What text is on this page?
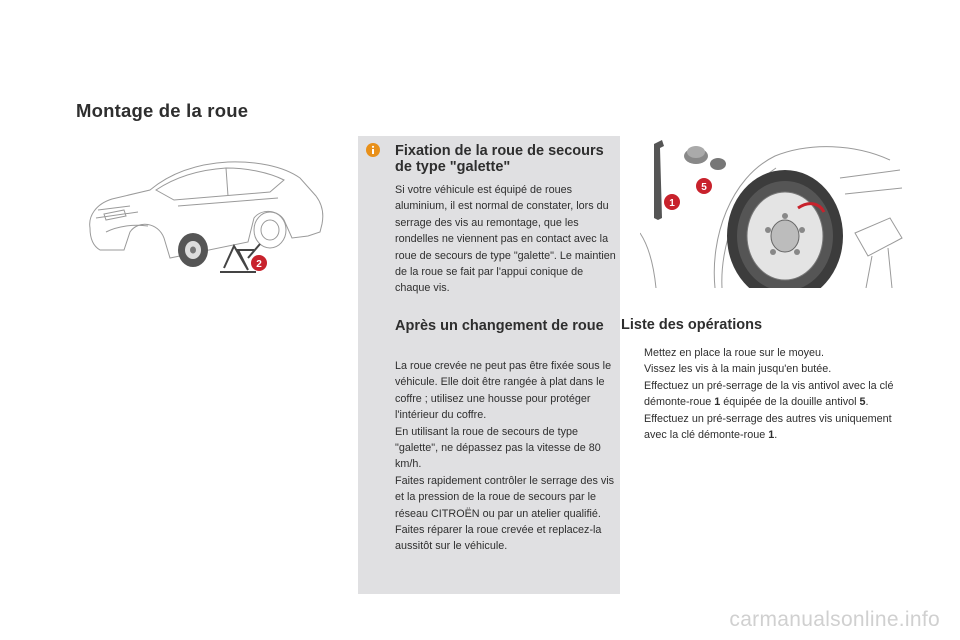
Montage de la roue
2
Fixation de la roue de secours de type "galette"
Si votre véhicule est équipé de roues aluminium, il est normal de constater, lors du serrage des vis au remontage, que les rondelles ne viennent pas en contact avec la roue de secours de type "galette". Le maintien de la roue se fait par l'appui conique de chaque vis.
Après un changement de roue

La roue crevée ne peut pas être fixée sous le véhicule. Elle doit être rangée à plat dans le coffre ; utilisez une housse pour protéger l'intérieur du coffre.

En utilisant la roue de secours de type "galette", ne dépassez pas la vitesse de 80 km/h.

Faites rapidement contrôler le serrage des vis et la pression de la roue de secours par le réseau CITROËN ou par un atelier qualifié.

Faites réparer la roue crevée et replacez-la aussitôt sur le véhicule.

5
1
Liste des opérations
Mettez en place la roue sur le moyeu.
Vissez les vis à la main jusqu'en butée.
Effectuez un pré-serrage de la vis antivol avec la clé démonte-roue 1 équipée de la douille antivol 5.
Effectuez un pré-serrage des autres vis uniquement avec la clé démonte-roue 1.
carmanualsonline.info
